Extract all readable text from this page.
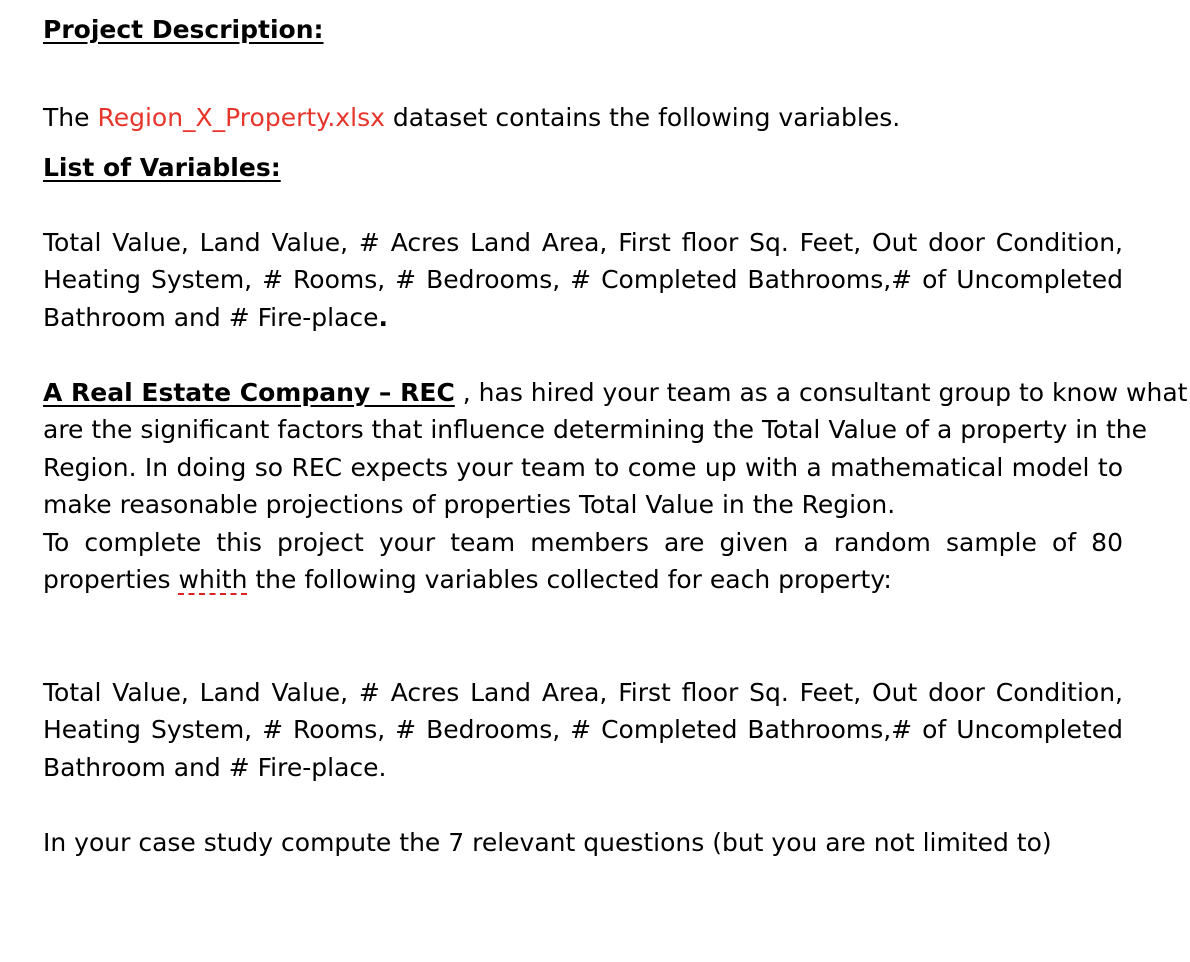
Project Description:
The Region_X_Property.xlsx dataset contains the following variables.
List of Variables:
Total Value, Land Value, # Acres Land Area, First floor Sq. Feet, Out door Condition,
Heating System, # Rooms, # Bedrooms, # Completed Bathrooms,# of Uncompleted
Bathroom and # Fire-place.
A Real Estate Company – REC , has hired your team as a consultant group to know what
are the significant factors that influence determining the Total Value of a property in the
Region. In doing so REC expects your team to come up with a mathematical model to
make reasonable projections of properties Total Value in the Region.
To complete this project your team members are given a random sample of 80
properties whith the following variables collected for each property:
Total Value, Land Value, # Acres Land Area, First floor Sq. Feet, Out door Condition,
Heating System, # Rooms, # Bedrooms, # Completed Bathrooms,# of Uncompleted
Bathroom and # Fire-place.
In your case study compute the 7 relevant questions (but you are not limited to)
